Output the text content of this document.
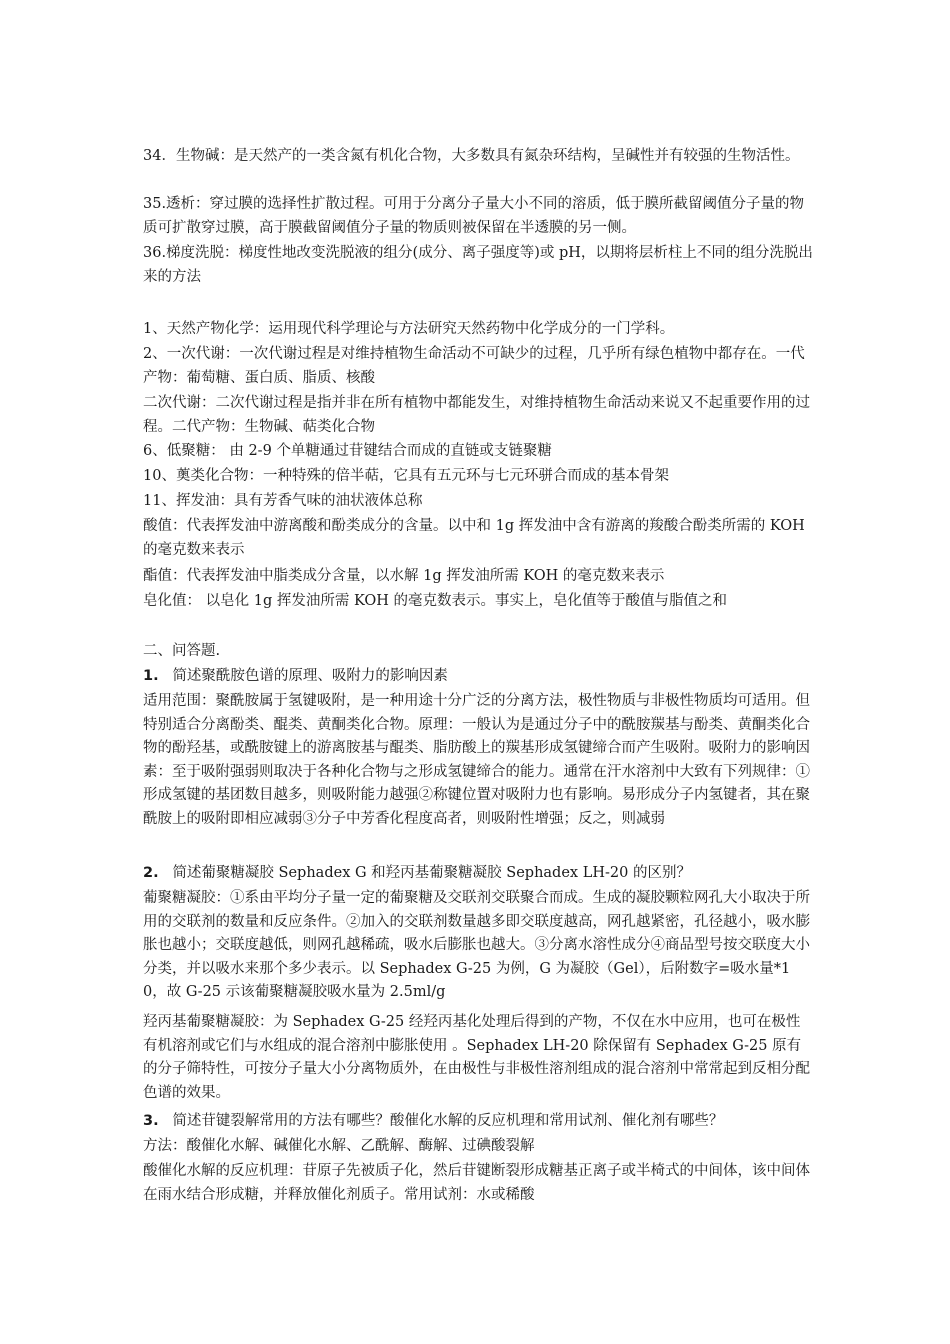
34．生物碱：是天然产的一类含氮有机化合物，大多数具有氮杂环结构，呈碱性并有较强的生物活性。

35.透析：穿过膜的选择性扩散过程。可用于分离分子量大小不同的溶质，低于膜所截留阈值分子量的物质可扩散穿过膜，高于膜截留阈值分子量的物质则被保留在半透膜的另一侧。

36.梯度洗脱：梯度性地改变洗脱液的组分(成分、离子强度等)或 pH，以期将层析柱上不同的组分洗脱出来的方法

1、天然产物化学：运用现代科学理论与方法研究天然药物中化学成分的一门学科。

2、一次代谢：一次代谢过程是对维持植物生命活动不可缺少的过程，几乎所有绿色植物中都存在。一代产物：葡萄糖、蛋白质、脂质、核酸

二次代谢：二次代谢过程是指并非在所有植物中都能发生，对维持植物生命活动来说又不起重要作用的过程。二代产物：生物碱、萜类化合物

6、低聚糖： 由 2-9 个单糖通过苷键结合而成的直链或支链聚糖

10、薁类化合物：一种特殊的倍半萜，它具有五元环与七元环骈合而成的基本骨架

11、挥发油：具有芳香气味的油状液体总称

酸值：代表挥发油中游离酸和酚类成分的含量。以中和 1g 挥发油中含有游离的羧酸合酚类所需的 KOH 的毫克数来表示

酯值：代表挥发油中脂类成分含量，以水解 1g 挥发油所需 KOH 的毫克数来表示

皂化值： 以皂化 1g 挥发油所需 KOH 的毫克数表示。事实上，皂化值等于酸值与脂值之和

二、问答题.

1. 简述聚酰胺色谱的原理、吸附力的影响因素

适用范围：聚酰胺属于氢键吸附，是一种用途十分广泛的分离方法，极性物质与非极性物质均可适用。但特别适合分离酚类、醌类、黄酮类化合物。原理：一般认为是通过分子中的酰胺羰基与酚类、黄酮类化合物的酚羟基，或酰胺键上的游离胺基与醌类、脂肪酸上的羰基形成氢键缔合而产生吸附。吸附力的影响因素：至于吸附强弱则取决于各种化合物与之形成氢键缔合的能力。通常在汗水溶剂中大致有下列规律：①形成氢键的基团数目越多，则吸附能力越强②称键位置对吸附力也有影响。易形成分子内氢键者，其在聚酰胺上的吸附即相应减弱③分子中芳香化程度高者，则吸附性增强；反之，则减弱

2. 简述葡聚糖凝胶 Sephadex G 和羟丙基葡聚糖凝胶 Sephadex LH-20 的区别？

葡聚糖凝胶：①系由平均分子量一定的葡聚糖及交联剂交联聚合而成。生成的凝胶颗粒网孔大小取决于所用的交联剂的数量和反应条件。②加入的交联剂数量越多即交联度越高，网孔越紧密，孔径越小，吸水膨胀也越小；交联度越低，则网孔越稀疏，吸水后膨胀也越大。③分离水溶性成分④商品型号按交联度大小分类，并以吸水来那个多少表示。以 Sephadex G-25 为例，G 为凝胶（Gel），后附数字=吸水量*10，故 G-25 示该葡聚糖凝胶吸水量为 2.5ml/g

羟丙基葡聚糖凝胶：为 Sephadex G-25 经羟丙基化处理后得到的产物，不仅在水中应用，也可在极性有机溶剂或它们与水组成的混合溶剂中膨胀使用 。Sephadex LH-20 除保留有 Sephadex G-25 原有的分子筛特性，可按分子量大小分离物质外，在由极性与非极性溶剂组成的混合溶剂中常常起到反相分配色谱的效果。

3. 简述苷键裂解常用的方法有哪些？酸催化水解的反应机理和常用试剂、催化剂有哪些？

方法：酸催化水解、碱催化水解、乙酰解、酶解、过碘酸裂解

酸催化水解的反应机理：苷原子先被质子化，然后苷键断裂形成糖基正离子或半椅式的中间体，该中间体在雨水结合形成糖，并释放催化剂质子。常用试剂：水或稀酸
